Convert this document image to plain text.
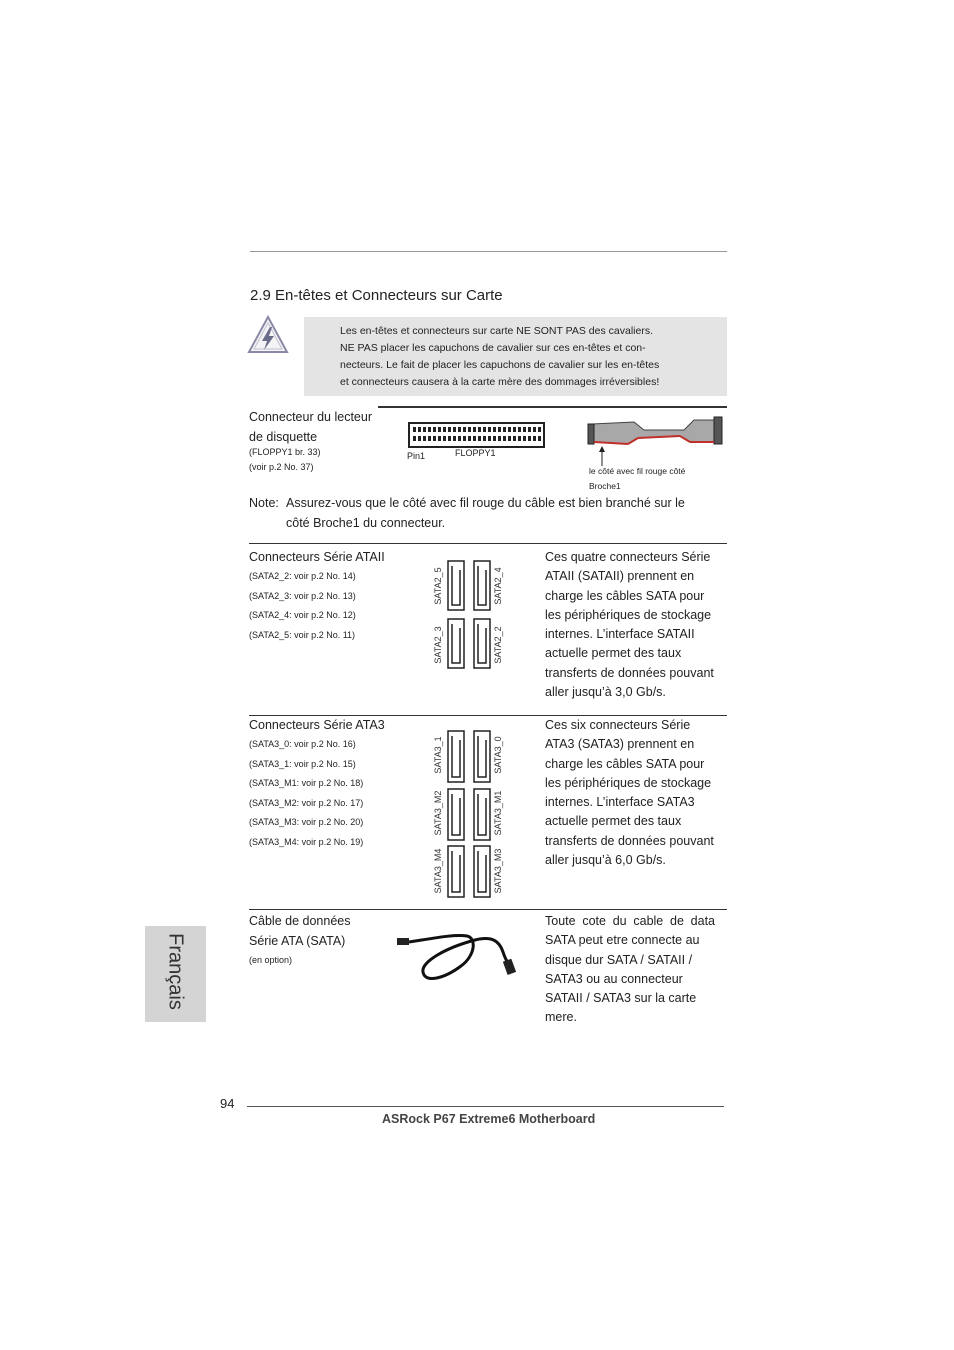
2.9 En-têtes et Connecteurs sur Carte
Les en-têtes et connecteurs sur carte NE SONT PAS des cavaliers.
NE PAS placer les capuchons de cavalier sur ces en-têtes et con-
necteurs. Le fait de placer les capuchons de cavalier sur les en-têtes
et connecteurs causera à la carte mère des dommages irréversibles!
Connecteur du lecteur
de disquette
(FLOPPY1 br. 33)
(voir p.2 No. 37)
Pin1	FLOPPY1
le côté avec fil rouge côté
Broche1
Note: Assurez-vous que le côté avec fil rouge du câble est bien branché sur le
côté Broche1 du connecteur.
Connecteurs Série ATAII
(SATA2_2: voir p.2 No. 14)
(SATA2_3: voir p.2 No. 13)
(SATA2_4: voir p.2 No. 12)
(SATA2_5: voir p.2 No. 11)
SATA2_5	SATA2_4
SATA2_3	SATA2_2
Ces quatre connecteurs Série
ATAII (SATAII) prennent en
charge les câbles SATA pour
les périphériques de stockage
internes. L’interface SATAII
actuelle permet des taux
transferts de données pouvant
aller jusqu’à 3,0 Gb/s.
Connecteurs Série ATA3
(SATA3_0: voir p.2 No. 16)
(SATA3_1: voir p.2 No. 15)
(SATA3_M1: voir p.2 No. 18)
(SATA3_M2: voir p.2 No. 17)
(SATA3_M3: voir p.2 No. 20)
(SATA3_M4: voir p.2 No. 19)
SATA3_1	SATA3_0
SATA3_M2	SATA3_M1
SATA3_M4	SATA3_M3
Ces six connecteurs Série
ATA3 (SATA3) prennent en
charge les câbles SATA pour
les périphériques de stockage
internes. L’interface SATA3
actuelle permet des taux
transferts de données pouvant
aller jusqu’à 6,0 Gb/s.
Câble de données
Série ATA (SATA)
(en option)
Toute cote du cable de data
SATA peut etre connecte au
disque dur SATA / SATAII /
SATA3 ou au connecteur
SATAII / SATA3 sur la carte
mere.
Français
94
ASRock P67 Extreme6 Motherboard
